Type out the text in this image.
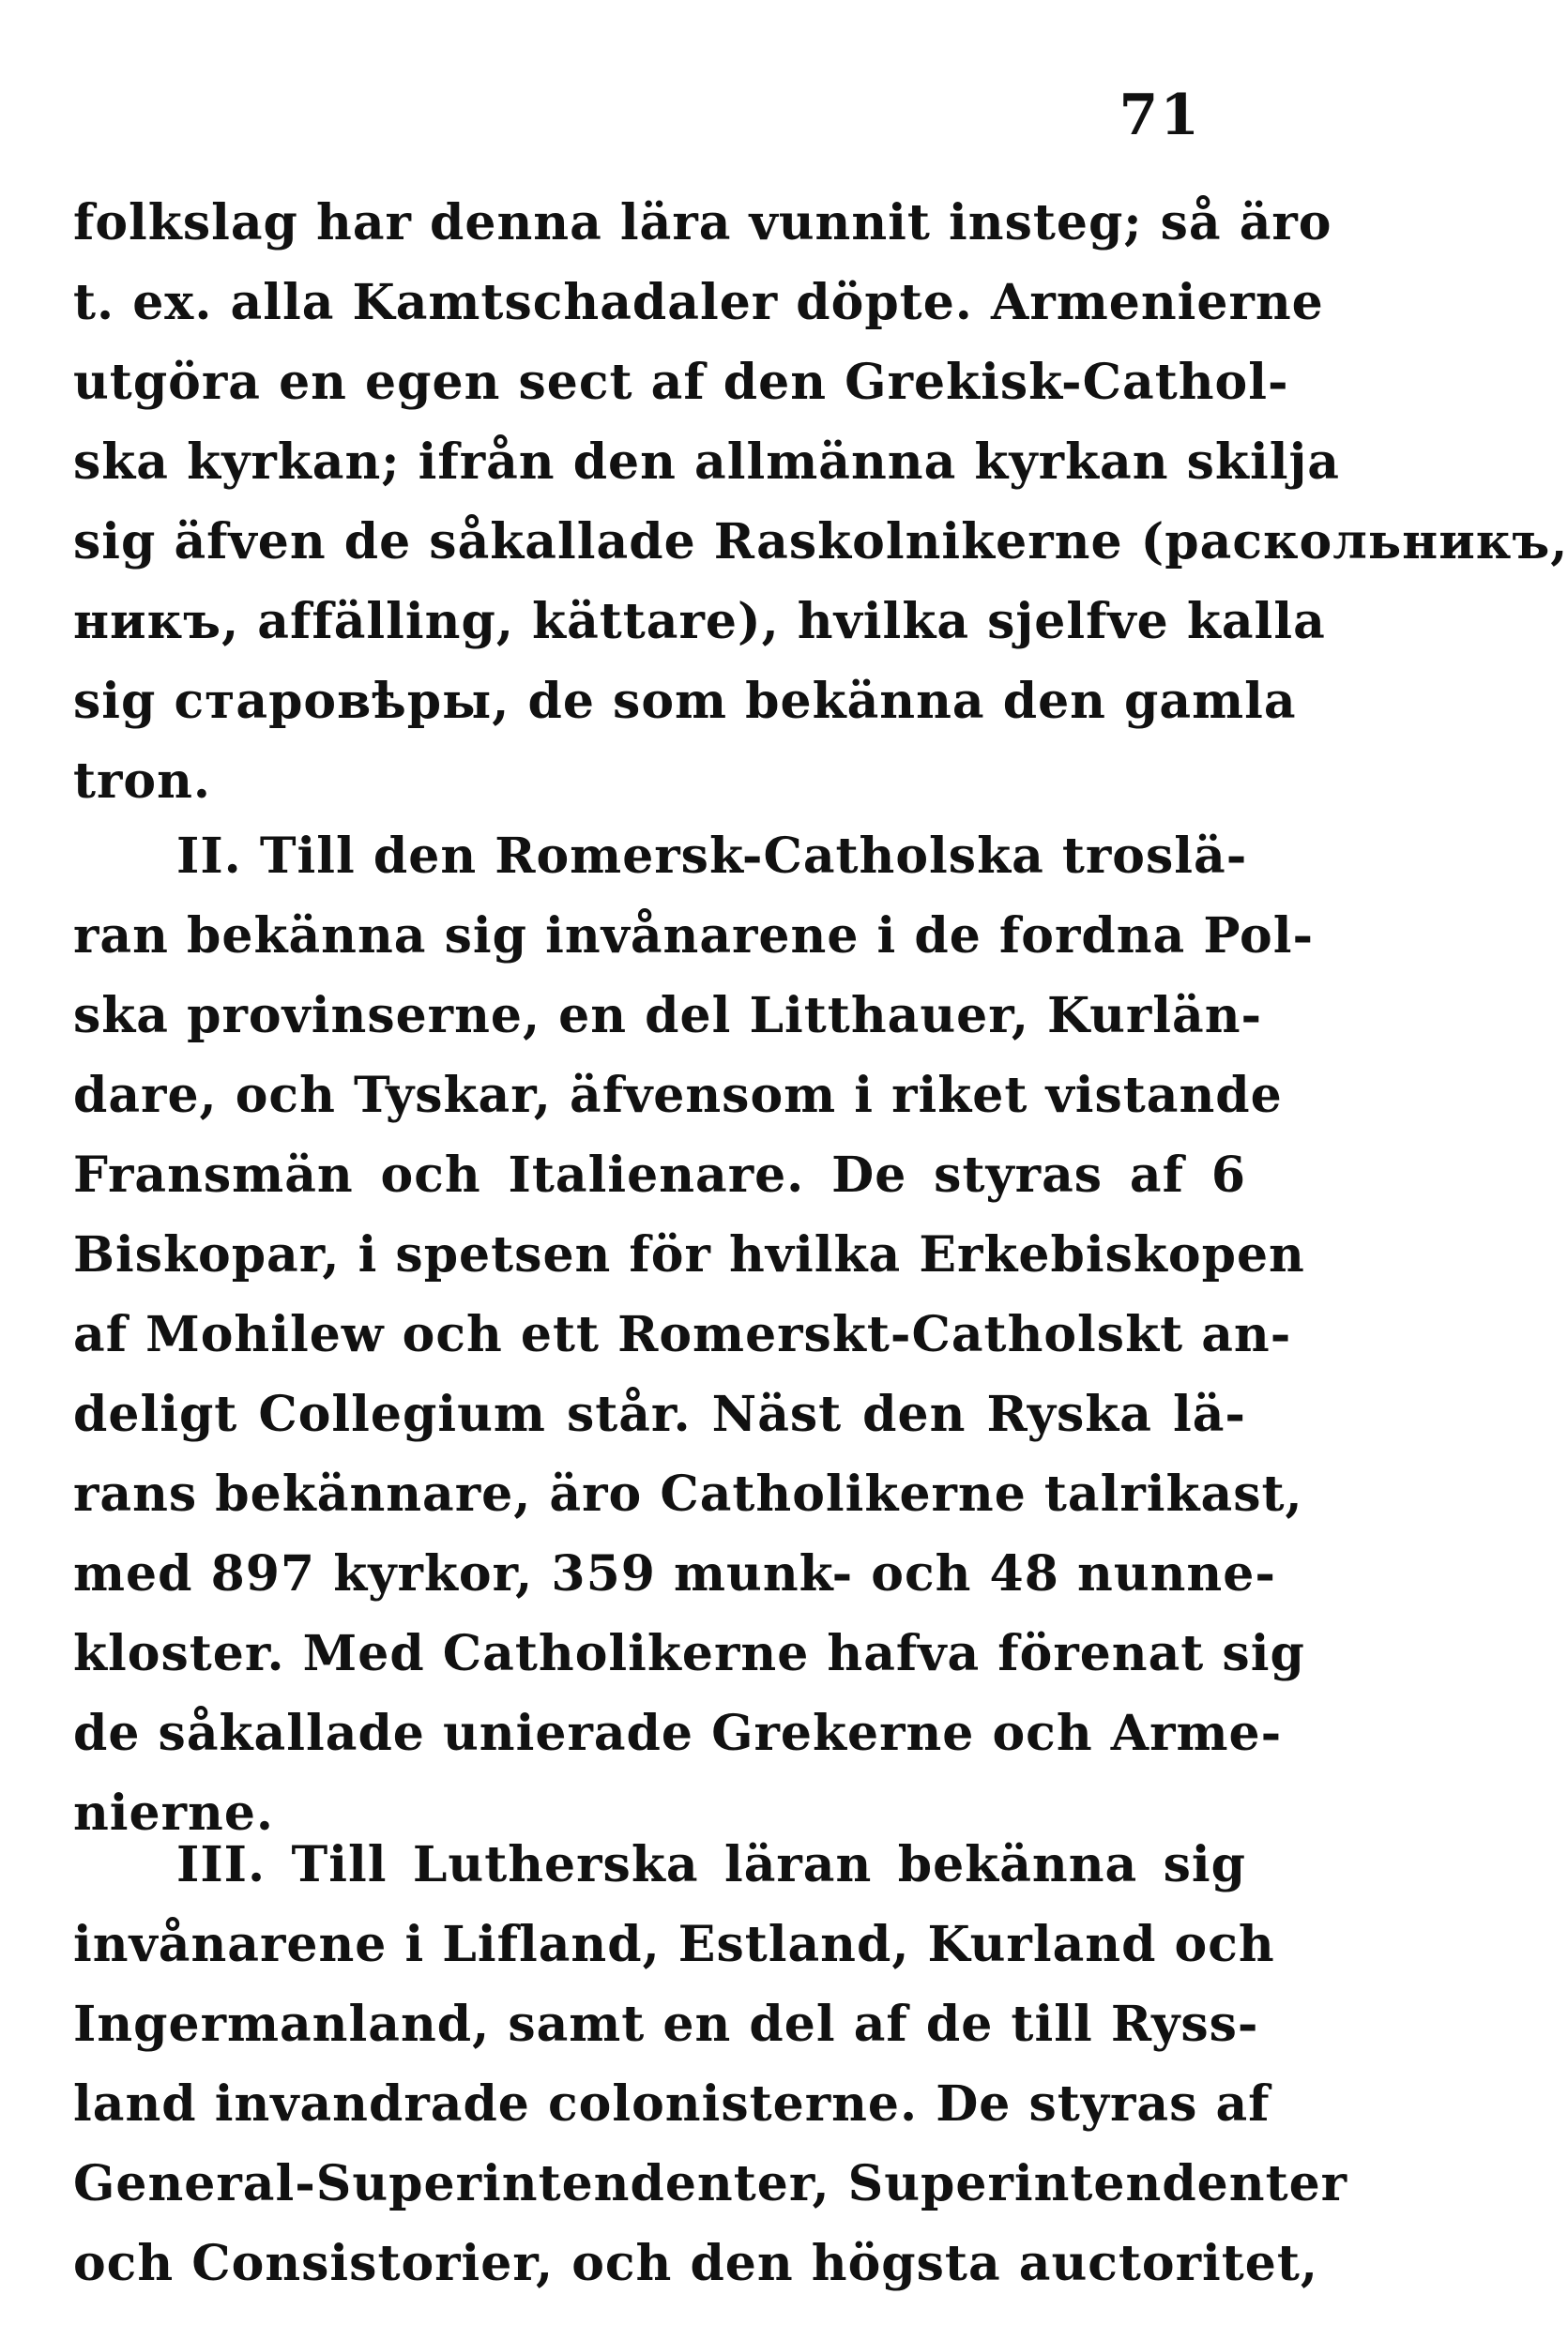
71
folkslag har denna lära vunnit insteg; så äro
t. ex. alla Kamtschadaler döpte. Armenierne
utgöra en egen sect af den Grekisk-Cathol-
ska kyrkan; ifrån den allmänna kyrkan skilja
sig äfven de såkallade Raskolnikerne (раскольникъ,
никъ, affälling, kättare), hvilka sjelfve kalla
sig старовѣры, de som bekänna den gamla
tron.
II. Till den Romersk-Catholska troslä-
ran bekänna sig invånarene i de fordna Pol-
ska provinserne, en del Litthauer, Kurlän-
dare, och Tyskar, äfvensom i riket vistande
Fransmän och Italienare. De styras af 6
Biskopar, i spetsen för hvilka Erkebiskopen
af Mohilew och ett Romerskt-Catholskt an-
deligt Collegium står. Näst den Ryska lä-
rans bekännare, äro Catholikerne talrikast,
med 897 kyrkor, 359 munk- och 48 nunne-
kloster. Med Catholikerne hafva förenat sig
de såkallade unierade Grekerne och Arme-
nierne.
III. Till Lutherska läran bekänna sig
invånarene i Lifland, Estland, Kurland och
Ingermanland, samt en del af de till Ryss-
land invandrade colonisterne. De styras af
General-Superintendenter, Superintendenter
och Consistorier, och den högsta auctoritet,
